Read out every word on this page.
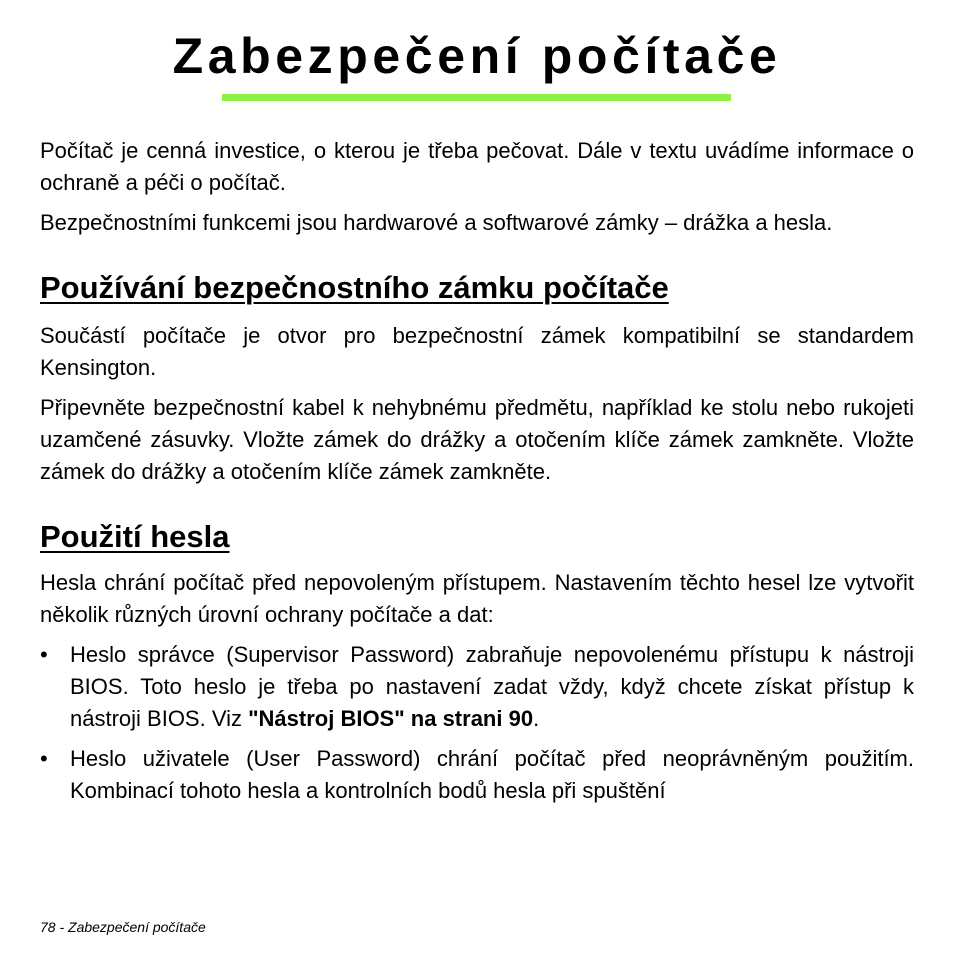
Zabezpečení počítače

Počítač je cenná investice, o kterou je třeba pečovat. Dále v textu uvádíme informace o ochraně a péči o počítač.

Bezpečnostními funkcemi jsou hardwarové a softwarové zámky – drážka a hesla.

Používání bezpečnostního zámku počítače

Součástí počítače je otvor pro bezpečnostní zámek kompatibilní se standardem Kensington.

Připevněte bezpečnostní kabel k nehybnému předmětu, například ke stolu nebo rukojeti uzamčené zásuvky. Vložte zámek do drážky a otočením klíče zámek zamkněte. Vložte zámek do drážky a otočením klíče zámek zamkněte.

Použití hesla

Hesla chrání počítač před nepovoleným přístupem. Nastavením těchto hesel lze vytvořit několik různých úrovní ochrany počítače a dat:

•	Heslo správce (Supervisor Password) zabraňuje nepovolenému přístupu k nástroji BIOS. Toto heslo je třeba po nastavení zadat vždy, když chcete získat přístup k nástroji BIOS. Viz "Nástroj BIOS" na strani 90.
•	Heslo uživatele (User Password) chrání počítač před neoprávněným použitím. Kombinací tohoto hesla a kontrolních bodů hesla při spuštění
78 - Zabezpečení počítače
